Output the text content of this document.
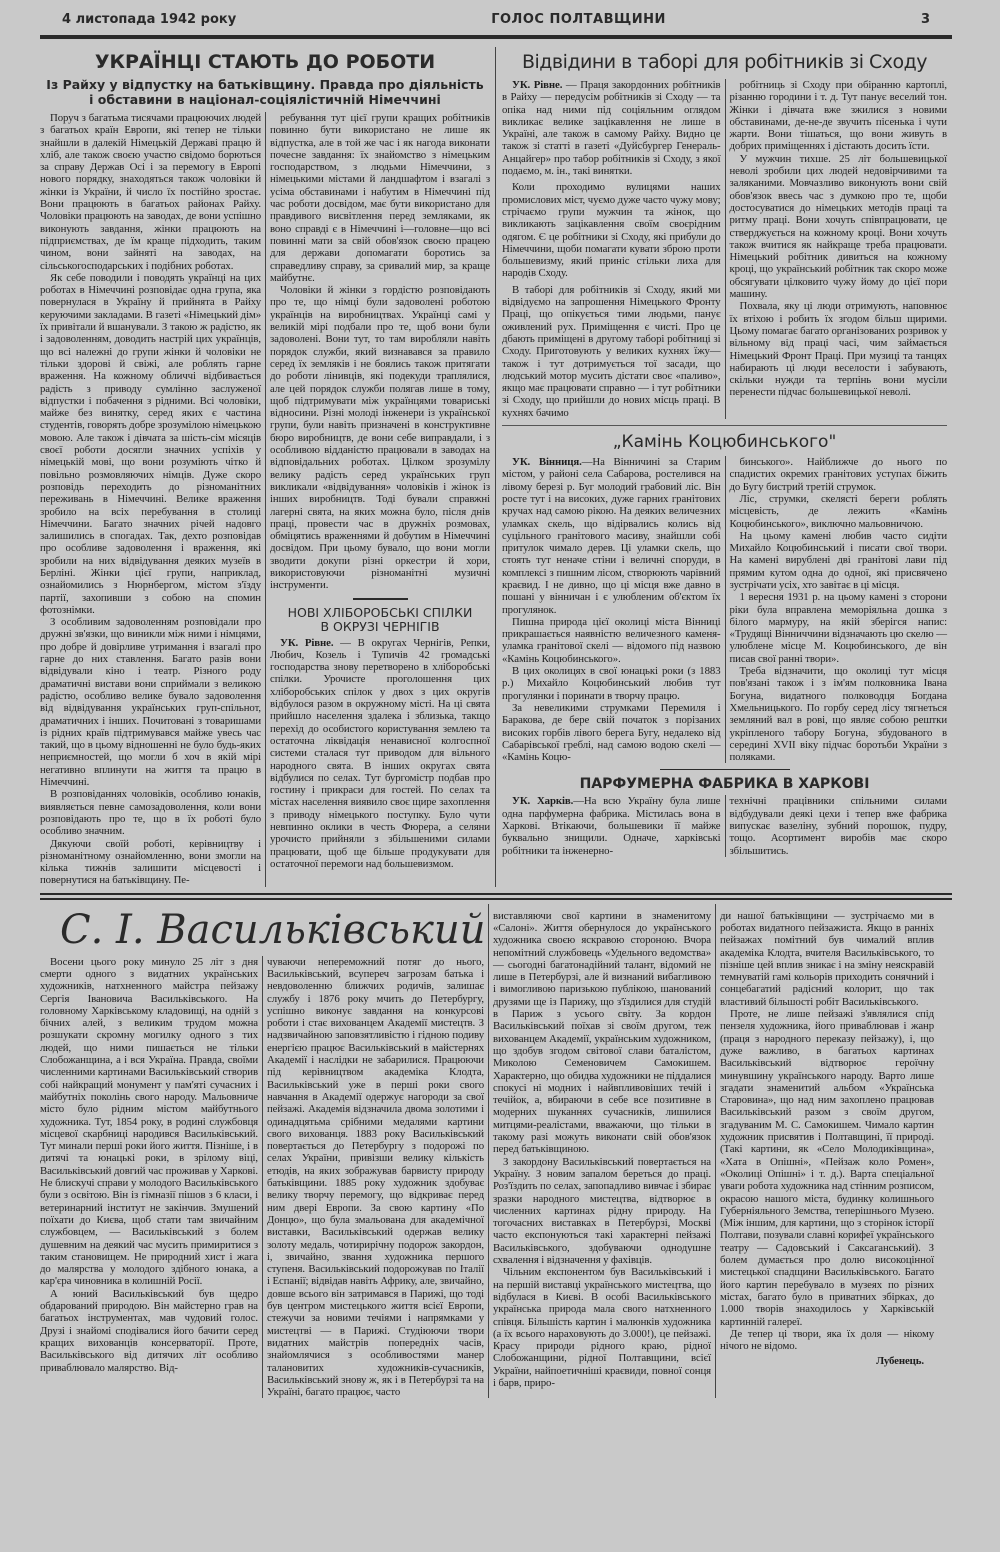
4 листопада 1942 року	ГОЛОС ПОЛТАВЩИНИ	3
УКРАЇНЦІ СТАЮТЬ ДО РОБОТИ
Із Райху у відпустку на батьківщину. Правда про діяльність
і обставини в націонал-соціялістичній Німеччині

Поруч з багатьма тисячами працюючих людей з багатьох країн Европи, які тепер не тільки знайшли в далекій Німецькій Державі працю й хліб, але також своєю участю свідомо борються за справу Держав Осі і за перемогу в Европі нового порядку, знаходяться також чоловіки й жінки із України, й число їх постійно зростає. Вони працюють в багатьох районах Райху. Чоловіки працюють на заводах, де вони успішно виконують завдання, жінки працюють на підприємствах, де їм краще підходить, таким чином, вони зайняті на заводах, на сільськогосподарських і подібних роботах.

Як себе поводили і поводять українці на цих роботах в Німеччині розповідає одна група, яка повернулася в Україну й прийнята в Райху керуючими закладами. В газеті «Німецький дім» їх привітали й вшанували. З такою ж радістю, як і задоволенням, доводить настрій цих українців, що всі належні до групи жінки й чоловіки не тільки здорові й свіжі, але роблять гарне враження. На кожному обличчі відбивається радість з приводу сумлінно заслуженої відпустки і побачення з рідними. Всі чоловіки, майже без винятку, серед яких є частина студентів, говорять добре зрозумілою німецькою мовою. Але також і дівчата за шість-сім місяців своєї роботи досягли значних успіхів у німецькій мові, що вони розуміють чітко й повільно розмовляючих німців. Дуже скоро розповідь переходить до різноманітних переживань в Німеччині. Велике враження зробило на всіх перебування в столиці Німеччини. Багато значних річей надовго залишились в спогадах. Так, дехто розповідав про особливе задоволення і враження, які зробили на них відвідування деяких музеїв в Берліні. Жінки цієї групи, наприклад, ознайомились з Нюрнбергом, містом з'їзду партії, захопивши з собою на спомин фотознімки.

З особливим задоволенням розповідали про дружні зв'язки, що виникли між ними і німцями, про добре й довірливе утримання і взагалі про гарне до них ставлення. Багато разів вони відвідували кіно і театр. Різного роду драматичні вистави вони сприймали з великою радістю, особливо велике бувало задоволення від відвідування українських груп-спільнот, драматичних і інших. Почитовані з товаришами із рідних країв підтримувався майже увесь час такий, що в цьому відношенні не було будь-яких неприємностей, що могли б хоч в якій мірі негативно вплинути на життя та працю в Німеччині.

В розповіданнях чоловіків, особливо юнаків, виявляється певне самозадоволення, коли вони розповідають про те, що в їх роботі було особливо значним.

Дякуючи своїй роботі, керівництву і різноманітному ознайомленню, вони змогли на кілька тижнів залишити місцевості і повернутися на батьківщину. Пе-

ребування тут цієї групи кращих робітників повинно бути використано не лише як відпустка, але в той же час і як нагода виконати почесне завдання: їх знайомство з німецьким господарством, з людьми Німеччини, з німецькими містами й ландшафтом і взагалі з усіма обставинами і набутим в Німеччині під час роботи досвідом, має бути використано для правдивого висвітлення перед земляками, як воно справді є в Німеччині і—головне—що всі повинні мати за свій обов'язок своєю працею для держави допомагати боротись за справедливу справу, за сривалий мир, за краще майбутнє.

Чоловіки й жінки з гордістю розповідають про те, що німці були задоволені роботою українців на виробництвах. Українці самі у великій мірі подбали про те, щоб вони були задоволені. Вони тут, то там виробляли навіть порядок служби, який визнавався за правило серед їх земляків і не боялись також притягати до роботи лінивців, які подекуди траплялися, але цей порядок служби полягав лише в тому, щоб підтримувати між українцями товариські відносини. Різні молоді інженери із української групи, були навіть призначені в конструктивне бюро виробництв, де вони себе виправдали, і з особливою відданістю працювали в заводах на відповідальних роботах. Цілком зрозумілу велику радість серед українських груп викликали «відвідування» чоловіків і жінок із інших виробництв. Тоді бували справжні лагерні свята, на яких можна було, після днів праці, провести час в дружніх розмовах, обміцятись враженнями й добутим в Німеччині досвідом. При цьому бувало, що вони могли зводити докупи різні оркестри й хори, використовуючи різноманітні музичні інструменти.

НОВІ ХЛІБОРОБСЬКІ СПІЛКИ
В ОКРУЗІ ЧЕРНІГІВ

УК. Рівне. — В округах Чернігів, Репки, Любич, Козель і Тупичів 42 громадські господарства знову перетворено в хліборобські спілки. Урочисте проголошення цих хліборобських спілок у двох з цих округів відбулося разом в окружному місті. На ці свята прийшло населення здалека і зблизька, такщо перехід до особистого користування землею та остаточна ліквідація ненависної колгоспної системи сталася тут приводом для вільного народного свята. В інших округах свята відбулися по селах. Тут бургомістр подбав про гостину і прикраси для гостей. По селах та містах населення виявило своє щире захоплення з приводу німецького поступку. Було чути невпинно оклики в честь Фюрера, а селяни урочисто прийняли з збільшеними силами працювати, щоб ще більше продукувати для остаточної перемоги над большевизмом.

Відвідини в таборі для робітників зі Сходу

УК. Рівне. — Праця закордонних робітників в Райху — передусім робітників зі Сходу — та опіка над ними під соціяльним оглядом викликає велике зацікавлення не лише в Україні, але також в самому Райху. Видно це також зі статті в газеті «Дуйсбургер Генераль-Анцайгер» про табор робітників зі Сходу, з якої подаємо, м. ін., такі винятки.

Коли проходимо вулицями наших промислових міст, чуємо дуже часто чужу мову; стрічаємо групи мужчин та жінок, що викликають зацікавлення своїм своєрідним одягом. Є це робітники зі Сходу, які прибули до Німеччини, щоби помагати кувати зброю проти большевизму, який приніс стільки лиха для народів Сходу.

В таборі для робітників зі Сходу, який ми відвідуємо на запрошення Німецького Фронту Праці, що опікується тими людьми, панує оживлений рух. Приміщення є чисті. Про це дбають приміщені в другому таборі робітниці зі Сходу. Приготовують у великих кухнях їжу—також і тут дотримується тої засади, що людський мотор мусить дістати своє «паливо», якщо має працювати справно — і тут робітники зі Сходу, що прийшли до нових місць праці. В кухнях бачимо

робітниць зі Сходу при обіранню картоплі, різанню городини і т. д. Тут панує веселий тон. Жінки і дівчата вже зжилися з новими обставинами, де-не-де звучить пісенька і чути жарти. Вони тішаться, що вони живуть в добрих приміщеннях і дістають досить їсти.

У мужчин тихше. 25 літ большевицької неволі зробили цих людей недовірчивими та заляканими. Мовчазливо виконують вони свій обов'язок ввесь час з думкою про те, щоби достосуватися до німецьких методів праці та ритму праці. Вони хочуть співпрацювати, це стверджується на кожному кроці. Вони хочуть також вчитися як найкраще треба працювати. Німецький робітник дивиться на кожному кроці, що український робітник так скоро може обсягувати цілковито чужу йому до цієї пори машину.

Похвала, яку ці люди отримують, наповнює їх втіхою і робить їх згодом більш щирими. Цьому помагає багато організованих розривок у вільному від праці часі, чим займається Німецький Фронт Праці. При музиці та танцях набирають ці люди веселости і забувають, скільки нужди та терпінь вони мусіли перенести підчас большевицької неволі.

„Камінь Коцюбинського"

УК. Вінниця.—На Вінничині за Старим містом, у районі села Сабарова, ростелився на лівому березі р. Буг молодий грабовий ліс. Він росте тут і на високих, дуже гарних гранітових кручах над самою рікою. На деяких величезних уламках скель, що відірвались колись від суцільного гранітового масиву, знайшли собі притулок чимало дерев. Ці уламки скель, що стоять тут неначе стіни і величні споруди, в комплексі з пишним лісом, створюють чарівний краєвид. І не дивно, що ці місця вже давно в пошані у вінничан і є улюбленим об'єктом їх прогулянок.

Пишна природа цієї околиці міста Вінниці прикрашається наявністю величезного каменя-уламка гранітової скелі — відомого під назвою «Камінь Коцюбинського».

В цих околицях в свої юнацькі роки (з 1883 р.) Михайло Коцюбинський любив тут прогулянки і поринати в творчу працю.

За невеликими струмками Перемиля і Баракова, де бере свій початок з порізаних високих горбів лівого берега Бугу, недалеко від Сабарівської греблі, над самою водою скелі — «Камінь Коцю-

бинського». Найближче до нього по спадистих окремих гранітових уступах біжить до Бугу бистрий третій струмок.

Ліс, струмки, скелясті береги роблять місцевість, де лежить «Камінь Коцюбинського», виключно мальовничою.

На цьому камені любив часто сидіти Михайло Коцюбинський і писати свої твори. На камені вирублені дві гранітові лави під прямим кутом одна до одної, які присвячено зустрічати усіх, хто завітає в ці місця.

1 вересня 1931 р. на цьому камені з сторони ріки була вправлена меморіяльна дошка з білого мармуру, на якій зберігся напис: «Трудящі Вінниччини відзначають цю скелю — улюблене місце М. Коцюбинського, де він писав свої ранні твори».

Треба відзначити, що околиці тут місця пов'язані також і з ім'ям полковника Івана Богуна, видатного полководця Богдана Хмельницького. По горбу серед лісу тягнеться земляний вал в рові, що являє собою рештки укріпленого табору Богуна, збудованого в середині XVII віку підчас боротьби України з поляками.

ПАРФУМЕРНА ФАБРИКА В ХАРКОВІ

УК. Харків.—На всю Україну була лише одна парфумерна фабрика. Містилась вона в Харкові. Втікаючи, большевики її майже буквально знищили. Одначе, харківські робітники та інженерно-

технічні працівники спільними силами відбудували деякі цехи і тепер вже фабрика випускає вазеліну, зубний порошок, пудру, тощо. Асортимент виробів має скоро збільшитись.

С. І. Васильківський

Восени цього року минуло 25 літ з дня смерти одного з видатних українських художників, натхненного майстра пейзажу Сергія Івановича Васильківського. На головному Харківському кладовищі, на одній з бічних алей, з великим трудом можна розшукати скромну могилку одного з тих людей, що ними пишається не тільки Слобожанщина, а і вся Україна. Правда, своїми численними картинами Васильківський створив собі найкращий монумент у пам'яті сучасних і майбутніх поколінь свого народу. Мальовниче місто було рідним містом майбутнього художника. Тут, 1854 року, в родині службовця місцевої скарбниці народився Васильківський. Тут минали перші роки його життя. Пізніше, і в дитячі та юнацькі роки, в зрілому віці, Васильківський довгий час проживав у Харкові. Не блискучі справи у молодого Васильківського були з освітою. Він із гімназії пішов з 6 класи, і ветеринарний інститут не закінчив. Змушений поїхати до Києва, щоб стати там звичайним службовцем, — Васильківський з болем душевним на деякий час мусить примиритися з таким становищем. Не природний хист і жага до малярства у молодого здібного юнака, а кар'єра чиновника в колишній Росії.

А юний Васильківський був щедро обдарований природою. Він майстерно грав на багатьох інструментах, мав чудовий голос. Друзі і знайомі сподівалися його бачити серед кращих вихованців консерваторії. Проте, Васильківського від дитячих літ особливо приваблювало малярство. Від-

чуваючи непереможний потяг до нього, Васильківський, всупереч загрозам батька і невдоволенню ближчих родичів, залишає службу і 1876 року мчить до Петербургу, успішно виконує завдання на конкурсові роботи і стає вихованцем Академії мистецтв. З надзвичайною заповзятливістю і гідною подиву енергією працює Васильківський в майстернях Академії і наслідки не забарилися. Працюючи під керівництвом академіка Клодта, Васильківський уже в перші роки свого навчання в Академії одержує нагороди за свої пейзажі. Академія відзначила двома золотими і одинадцятьма срібними медалями картини свого вихованця. 1883 року Васильківський повертається до Петербургу з подорожі по селах України, привізши велику кількість етюдів, на яких зображував барвисту природу батьківщини. 1885 року художник здобуває велику творчу перемогу, що відкриває перед ним двері Европи. За свою картину «По Донцю», що була змальована для академічної виставки, Васильківський одержав велику золоту медаль, чотирирічну подорож закордон, і, звичайно, звання художника першого ступеня. Васильківський подорожував по Італії і Еспанії; відвідав навіть Африку, але, звичайно, довше всього він затримався в Парижі, що тоді був центром мистецького життя всієї Европи, стежучи за новими течіями і напрямками у мистецтві — в Парижі. Студіюючи твори видатних майстрів попередніх часів, знайомлячися з особливостями манер талановитих художників-сучасників, Васильківський знову ж, як і в Петербурзі та на Україні, багато працює, часто

виставляючи свої картини в знаменитому «Салоні». Життя обернулося до українського художника своєю яскравою стороною. Вчора непомітний службовець «Удельного ведомства» — сьогодні багатонадійний талант, відомий не лише в Петербурзі, але й визнаний вибагливою і вимогливою паризькою публікою, шанований друзями ще із Парижу, що з'їздилися для студій в Париж з усього світу. За кордон Васильківський поїхав зі своїм другом, теж вихованцем Академії, українським художником, що здобув згодом світової слави баталістом, Миколою Семеновичем Самокишем. Характерно, що обидва художники не піддалися спокусі ні модних і найвпливовіших течій і течійок, а, вбираючи в себе все позитивне в модерних шуканнях сучасників, лишилися митцями-реалістами, вважаючи, що тільки в такому разі можуть виконати свій обов'язок перед батьківщиною.

З закордону Васильківський повертається на Україну. З новим запалом береться до праці. Роз'їздить по селах, запопадливо вивчає і збирає зразки народного мистецтва, відтворює в численних картинах рідну природу. На тогочасних виставках в Петербурзі, Москві часто експонуються такі характерні пейзажі Васильківського, здобуваючи однодушне схвалення і відзначення у фахівців.

Чільним експонентом був Васильківський і на першій виставці українського мистецтва, що відбулася в Києві. В особі Васильківського українська природа мала свого натхненного співця. Більшість картин і малюнків художника (а їх всього нараховують до 3.000!), це пейзажі. Красу природи рідного краю, рідної Слобожанщини, рідної Полтавщини, всієї України, найпоетичніші краєвиди, повної сонця і барв, приро-

ди нашої батьківщини — зустрічаємо ми в роботах видатного пейзажиста. Якщо в ранніх пейзажах помітний був чималий вплив академіка Клодта, вчителя Васильківського, то пізніше цей вплив зникає і на зміну неяскравій темнуватій гамі кольорів приходить сонячний і сонцебагатий радісний колорит, що так властивий більшості робіт Васильківського.

Проте, не лише пейзажі з'являлися спід пензеля художника, його приваблював і жанр (праця з народного переказу пейзажу), і, що дуже важливо, в багатьох картинах Васильківський відтворює героїчну минувшину українського народу. Варто лише згадати знаменитий альбом «Українська Старовина», що над ним захоплено працював Васильківський разом з своїм другом, згадуваним М. С. Самокишем. Чимало картин художник присвятив і Полтавщині, її природі. (Такі картини, як «Село Молодиківщина», «Хата в Опішні», «Пейзаж коло Ромен», «Околиці Опішні» і т. д.). Варта спеціальної уваги робота художника над стінним розписом, окрасою нашого міста, будинку колишнього Губерніяльного Земства, теперішнього Музею. (Між іншим, для картини, що з сторінок історії Полтави, позували славні корифеї українського театру — Садовський і Саксаганський). З болем думається про долю високоцінної мистецької спадщини Васильківського. Багато його картин перебувало в музеях по різних містах, багато було в приватних збірках, до 1.000 творів знаходилось у Харківській картинній галереї.

Де тепер ці твори, яка їх доля — нікому нічого не відомо.

Лубенець.
